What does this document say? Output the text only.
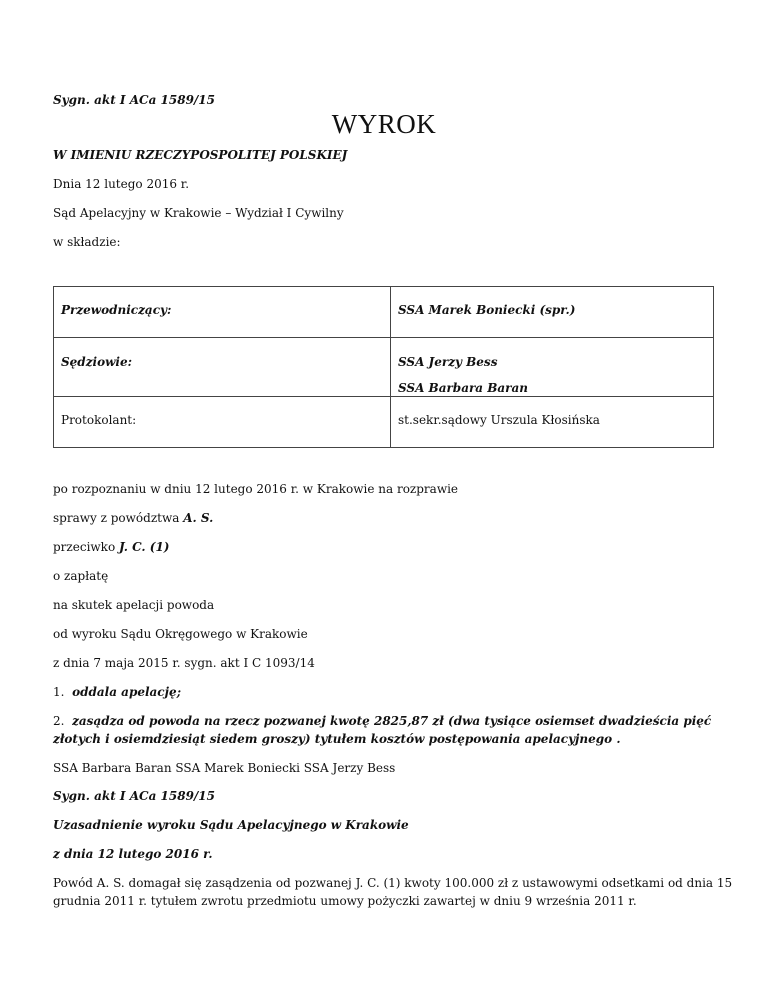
Sygn. akt I ACa 1589/15
WYROK
W IMIENIU RZECZYPOSPOLITEJ POLSKIEJ
Dnia 12 lutego 2016 r.
Sąd Apelacyjny w Krakowie – Wydział I Cywilny
w składzie:
Przewodniczący:	SSA Marek Boniecki (spr.)

Sędziowie:	SSA Jerzy Bess
SSA Barbara Baran

Protokolant:	st.sekr.sądowy Urszula Kłosińska
po rozpoznaniu w dniu 12 lutego 2016 r. w Krakowie na rozprawie
sprawy z powództwa A. S.
przeciwko J. C. (1)
o zapłatę
na skutek apelacji powoda
od wyroku Sądu Okręgowego w Krakowie
z dnia 7 maja 2015 r. sygn. akt I C 1093/14
1. oddala apelację;
2. zasądza od powoda na rzecz pozwanej kwotę 2825,87 zł (dwa tysiące osiemset dwadzieścia pięć
złotych i osiemdziesiąt siedem groszy) tytułem kosztów postępowania apelacyjnego .
SSA Barbara Baran SSA Marek Boniecki SSA Jerzy Bess
Sygn. akt I ACa 1589/15
Uzasadnienie wyroku Sądu Apelacyjnego w Krakowie
z dnia 12 lutego 2016 r.
Powód A. S. domagał się zasądzenia od pozwanej J. C. (1) kwoty 100.000 zł z ustawowymi odsetkami od dnia 15
grudnia 2011 r. tytułem zwrotu przedmiotu umowy pożyczki zawartej w dniu 9 września 2011 r.
